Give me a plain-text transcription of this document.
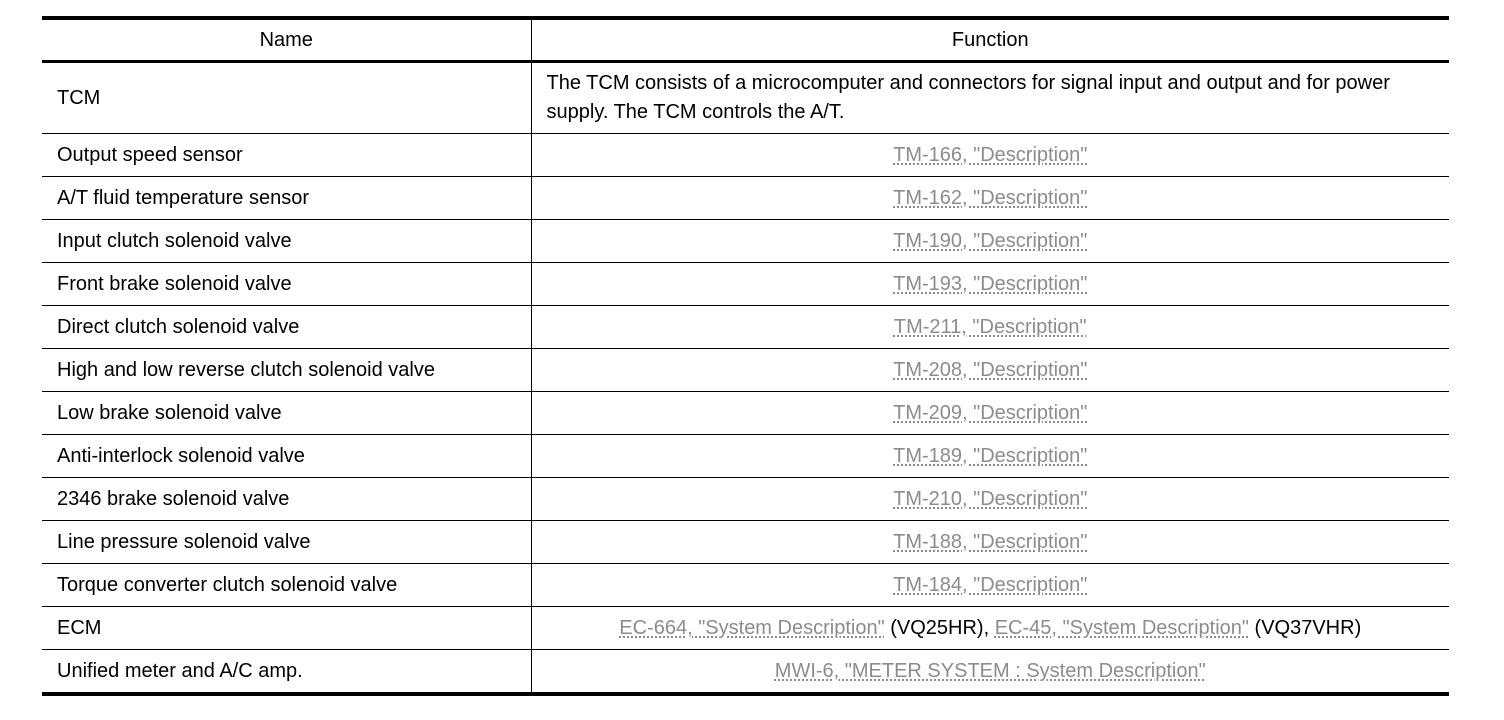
Name	Function
TCM	The TCM consists of a microcomputer and connectors for signal input and output and for power supply. The TCM controls the A/T.
Output speed sensor	TM-166, "Description"
A/T fluid temperature sensor	TM-162, "Description"
Input clutch solenoid valve	TM-190, "Description"
Front brake solenoid valve	TM-193, "Description"
Direct clutch solenoid valve	TM-211, "Description"
High and low reverse clutch solenoid valve	TM-208, "Description"
Low brake solenoid valve	TM-209, "Description"
Anti-interlock solenoid valve	TM-189, "Description"
2346 brake solenoid valve	TM-210, "Description"
Line pressure solenoid valve	TM-188, "Description"
Torque converter clutch solenoid valve	TM-184, "Description"
ECM	EC-664, "System Description" (VQ25HR), EC-45, "System Description" (VQ37VHR)
Unified meter and A/C amp.	MWI-6, "METER SYSTEM : System Description"
